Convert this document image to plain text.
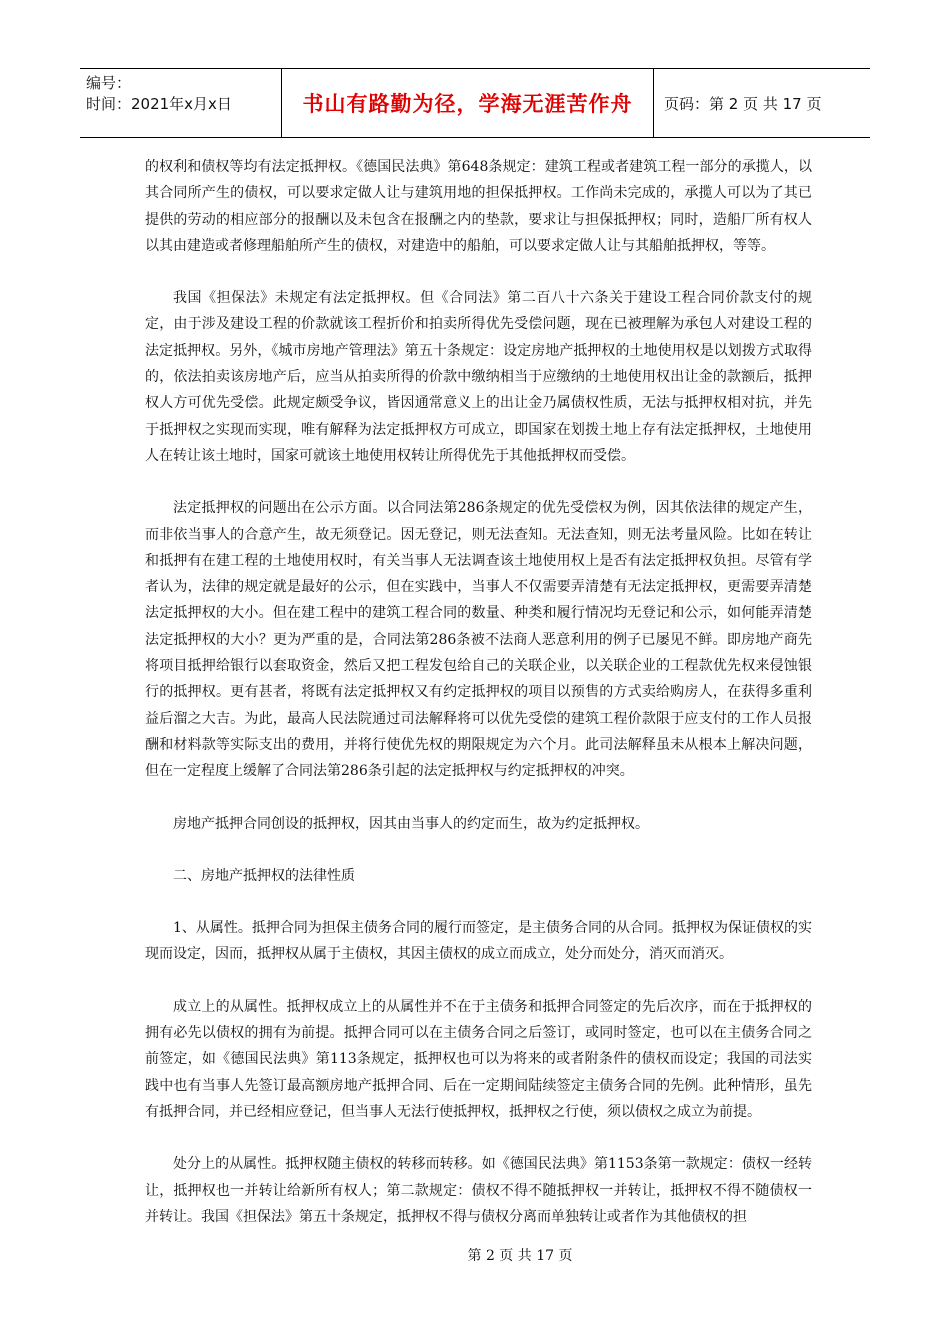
编号：
时间：2021年x月x日	书山有路勤为径，学海无涯苦作舟	页码：第 2 页 共 17 页

的权利和债权等均有法定抵押权。《德国民法典》第648条规定：建筑工程或者建筑工程一部分的承揽人，以其合同所产生的债权，可以要求定做人让与建筑用地的担保抵押权。工作尚未完成的，承揽人可以为了其已提供的劳动的相应部分的报酬以及未包含在报酬之内的垫款，要求让与担保抵押权；同时，造船厂所有权人以其由建造或者修理船舶所产生的债权，对建造中的船舶，可以要求定做人让与其船舶抵押权，等等。

我国《担保法》未规定有法定抵押权。但《合同法》第二百八十六条关于建设工程合同价款支付的规定，由于涉及建设工程的价款就该工程折价和拍卖所得优先受偿问题，现在已被理解为承包人对建设工程的法定抵押权。另外，《城市房地产管理法》第五十条规定：设定房地产抵押权的土地使用权是以划拨方式取得的，依法拍卖该房地产后，应当从拍卖所得的价款中缴纳相当于应缴纳的土地使用权出让金的款额后，抵押权人方可优先受偿。此规定颇受争议，皆因通常意义上的出让金乃属债权性质，无法与抵押权相对抗，并先于抵押权之实现而实现，唯有解释为法定抵押权方可成立，即国家在划拨土地上存有法定抵押权，土地使用人在转让该土地时，国家可就该土地使用权转让所得优先于其他抵押权而受偿。

法定抵押权的问题出在公示方面。以合同法第286条规定的优先受偿权为例，因其依法律的规定产生，而非依当事人的合意产生，故无须登记。因无登记，则无法查知。无法查知，则无法考量风险。比如在转让和抵押有在建工程的土地使用权时，有关当事人无法调查该土地使用权上是否有法定抵押权负担。尽管有学者认为，法律的规定就是最好的公示，但在实践中，当事人不仅需要弄清楚有无法定抵押权，更需要弄清楚法定抵押权的大小。但在建工程中的建筑工程合同的数量、种类和履行情况均无登记和公示，如何能弄清楚法定抵押权的大小？更为严重的是，合同法第286条被不法商人恶意利用的例子已屡见不鲜。即房地产商先将项目抵押给银行以套取资金，然后又把工程发包给自己的关联企业，以关联企业的工程款优先权来侵蚀银行的抵押权。更有甚者，将既有法定抵押权又有约定抵押权的项目以预售的方式卖给购房人，在获得多重利益后溜之大吉。为此，最高人民法院通过司法解释将可以优先受偿的建筑工程价款限于应支付的工作人员报酬和材料款等实际支出的费用，并将行使优先权的期限规定为六个月。此司法解释虽未从根本上解决问题，但在一定程度上缓解了合同法第286条引起的法定抵押权与约定抵押权的冲突。

房地产抵押合同创设的抵押权，因其由当事人的约定而生，故为约定抵押权。

二、房地产抵押权的法律性质

1、从属性。抵押合同为担保主债务合同的履行而签定，是主债务合同的从合同。抵押权为保证债权的实现而设定，因而，抵押权从属于主债权，其因主债权的成立而成立，处分而处分，消灭而消灭。

成立上的从属性。抵押权成立上的从属性并不在于主债务和抵押合同签定的先后次序，而在于抵押权的拥有必先以债权的拥有为前提。抵押合同可以在主债务合同之后签订，或同时签定，也可以在主债务合同之前签定，如《德国民法典》第113条规定，抵押权也可以为将来的或者附条件的债权而设定；我国的司法实践中也有当事人先签订最高额房地产抵押合同、后在一定期间陆续签定主债务合同的先例。此种情形，虽先有抵押合同，并已经相应登记，但当事人无法行使抵押权，抵押权之行使，须以债权之成立为前提。

处分上的从属性。抵押权随主债权的转移而转移。如《德国民法典》第1153条第一款规定：债权一经转让，抵押权也一并转让给新所有权人；第二款规定：债权不得不随抵押权一并转让，抵押权不得不随债权一并转让。我国《担保法》第五十条规定，抵押权不得与债权分离而单独转让或者作为其他债权的担

第 2 页 共 17 页
